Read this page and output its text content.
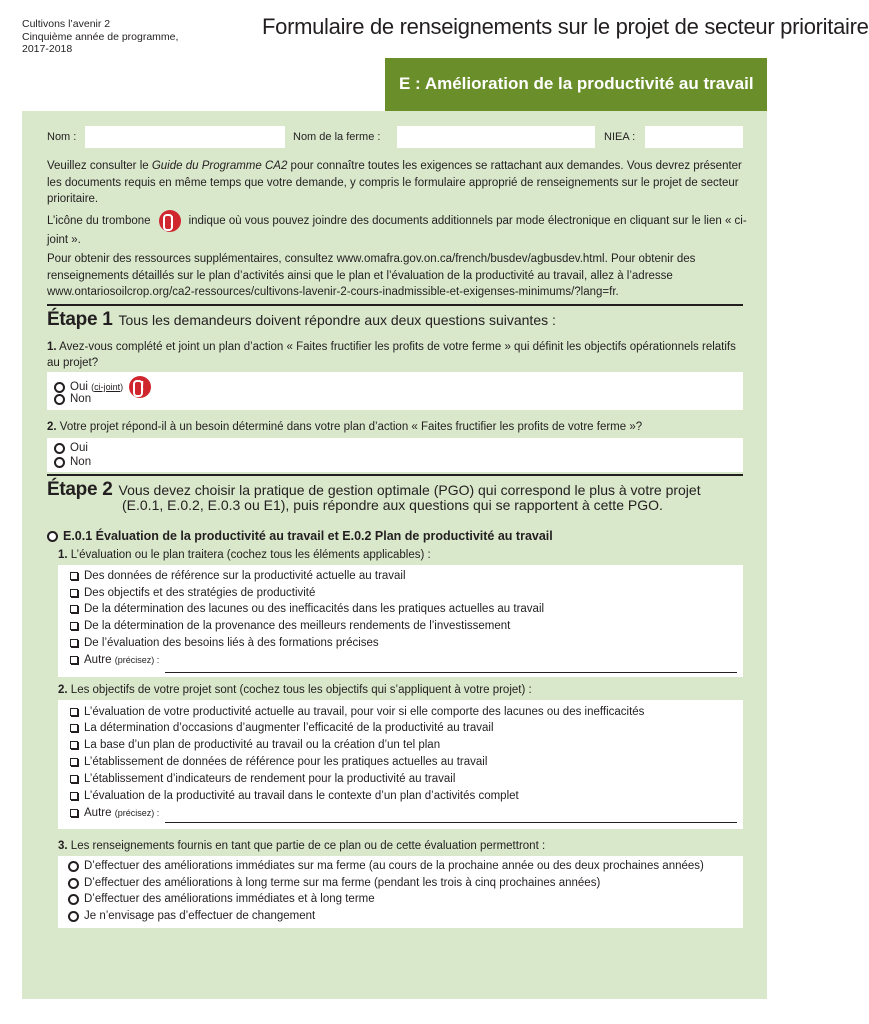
Cultivons l’avenir 2
Cinquième année de programme,
2017-2018
Formulaire de renseignements sur le projet de secteur prioritaire
E : Amélioration de la productivité au travail
Nom :	Nom de la ferme :	NIEA :
Veuillez consulter le Guide du Programme CA2 pour connaître toutes les exigences se rattachant aux demandes. Vous devrez présenter les documents requis en même temps que votre demande, y compris le formulaire approprié de renseignements sur le projet de secteur prioritaire.
L’icône du trombone!	indique où vous pouvez joindre des documents additionnels par mode électronique en cliquant sur le lien « ci-joint ».
Pour obtenir des ressources supplémentaires, consultez www.omafra.gov.on.ca/french/busdev/agbusdev.html. Pour obtenir des renseignements détaillés sur le plan d’activités ainsi que le plan et l’évaluation de la productivité au travail, allez à l’adresse www.ontariosoilcrop.org/ca2-ressources/cultivons-lavenir-2-cours-inadmissible-et-exigenses-minimums/?lang=fr.
Étape 1 Tous les demandeurs doivent répondre aux deux questions suivantes :
1. Avez-vous complété et joint un plan d’action « Faites fructifier les profits de votre ferme » qui définit les objectifs opérationnels relatifs au projet?
Oui
(ci-joint)
!
Non
2. Votre projet répond-il à un besoin déterminé dans votre plan d’action « Faites fructifier les profits de votre ferme »?
Oui
Non
Étape 2 Vous devez choisir la pratique de gestion optimale (PGO) qui correspond le plus à votre projet
(E.0.1, E.0.2, E.0.3 ou E1), puis répondre aux questions qui se rapportent à cette PGO.
E.0.1 Évaluation de la productivité au travail et E.0.2 Plan de productivité au travail
1. L’évaluation ou le plan traitera (cochez tous les éléments applicables) :
Des données de référence sur la productivité actuelle au travail
Des objectifs et des stratégies de productivité
De la détermination des lacunes ou des inefficacités dans les pratiques actuelles au travail
De la détermination de la provenance des meilleurs rendements de l’investissement
De l’évaluation des besoins liés à des formations précises
Autre
(précisez) :
2. Les objectifs de votre projet sont (cochez tous les objectifs qui s’appliquent à votre projet) :
L’évaluation de votre productivité actuelle au travail, pour voir si elle comporte des lacunes ou des inefficacités
La détermination d’occasions d’augmenter l’efficacité de la productivité au travail
La base d’un plan de productivité au travail ou la création d’un tel plan
L’établissement de données de référence pour les pratiques actuelles au travail
L’établissement d’indicateurs de rendement pour la productivité au travail
L’évaluation de la productivité au travail dans le contexte d’un plan d’activités complet
Autre
(précisez) :
3. Les renseignements fournis en tant que partie de ce plan ou de cette évaluation permettront :
D’effectuer des améliorations immédiates sur ma ferme (au cours de la prochaine année ou des deux prochaines années)
D’effectuer des améliorations à long terme sur ma ferme (pendant les trois à cinq prochaines années)
D’effectuer des améliorations immédiates et à long terme
Je n’envisage pas d’effectuer de changement
